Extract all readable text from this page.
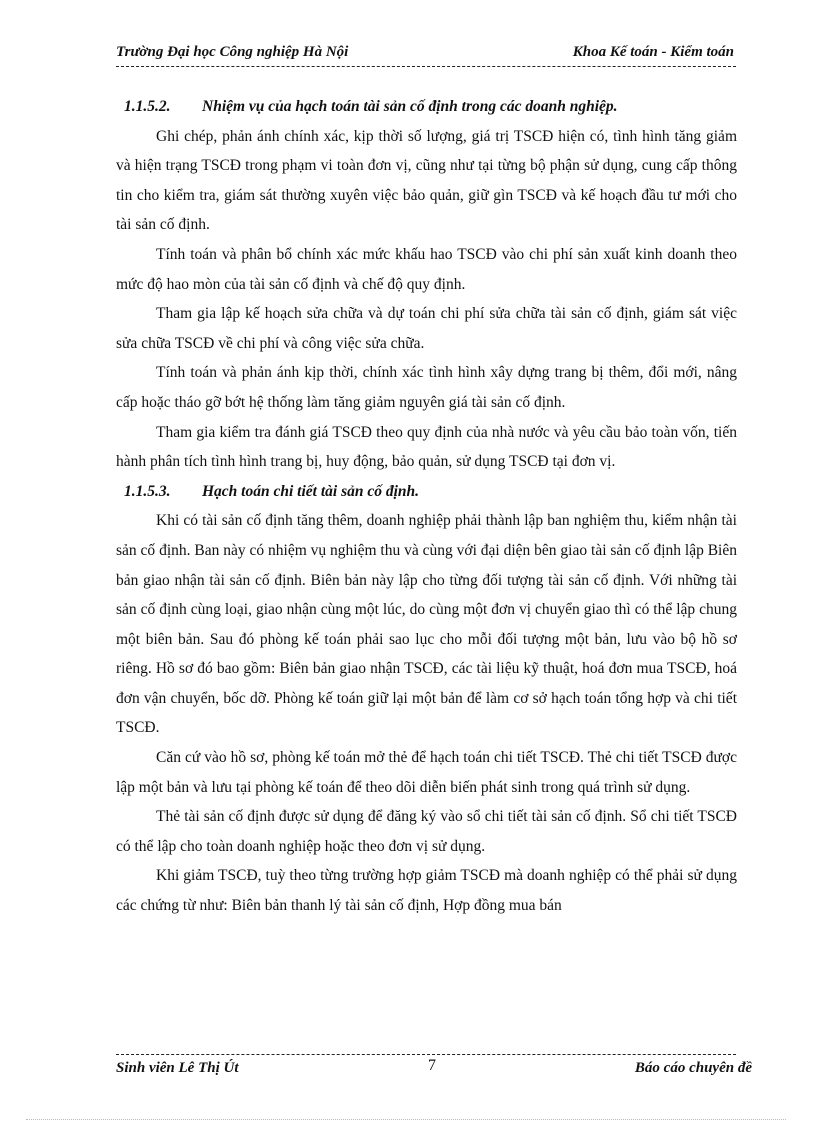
Trường Đại học Công nghiệp Hà Nội	Khoa Kế toán - Kiểm toán
1.1.5.2. Nhiệm vụ của hạch toán tài sản cố định trong các doanh nghiệp.

Ghi chép, phản ánh chính xác, kịp thời số lượng, giá trị TSCĐ hiện có, tình hình tăng giảm và hiện trạng TSCĐ trong phạm vi toàn đơn vị, cũng như tại từng bộ phận sử dụng, cung cấp thông tin cho kiểm tra, giám sát thường xuyên việc bảo quản, giữ gìn TSCĐ và kế hoạch đầu tư mới cho tài sản cố định.

Tính toán và phân bổ chính xác mức khấu hao TSCĐ vào chi phí sản xuất kinh doanh theo mức độ hao mòn của tài sản cố định và chế độ quy định.

Tham gia lập kế hoạch sửa chữa và dự toán chi phí sửa chữa tài sản cố định, giám sát việc sửa chữa TSCĐ về chi phí và công việc sửa chữa.

Tính toán và phản ánh kịp thời, chính xác tình hình xây dựng trang bị thêm, đổi mới, nâng cấp hoặc tháo gỡ bớt hệ thống làm tăng giảm nguyên giá tài sản cố định.

Tham gia kiểm tra đánh giá TSCĐ theo quy định của nhà nước và yêu cầu bảo toàn vốn, tiến hành phân tích tình hình trang bị, huy động, bảo quản, sử dụng TSCĐ tại đơn vị.

1.1.5.3. Hạch toán chi tiết tài sản cố định.

Khi có tài sản cố định tăng thêm, doanh nghiệp phải thành lập ban nghiệm thu, kiểm nhận tài sản cố định. Ban này có nhiệm vụ nghiệm thu và cùng với đại diện bên giao tài sản cố định lập Biên bản giao nhận tài sản cố định. Biên bản này lập cho từng đối tượng tài sản cố định. Với những tài sản cố định cùng loại, giao nhận cùng một lúc, do cùng một đơn vị chuyển giao thì có thể lập chung một biên bản. Sau đó phòng kế toán phải sao lục cho mỗi đối tượng một bản, lưu vào bộ hồ sơ riêng. Hồ sơ đó bao gồm: Biên bản giao nhận TSCĐ, các tài liệu kỹ thuật, hoá đơn mua TSCĐ, hoá đơn vận chuyển, bốc dỡ. Phòng kế toán giữ lại một bản để làm cơ sở hạch toán tổng hợp và chi tiết TSCĐ.

Căn cứ vào hồ sơ, phòng kế toán mở thẻ để hạch toán chi tiết TSCĐ. Thẻ chi tiết TSCĐ được lập một bản và lưu tại phòng kế toán để theo dõi diễn biến phát sinh trong quá trình sử dụng.

Thẻ tài sản cố định được sử dụng để đăng ký vào sổ chi tiết tài sản cố định. Sổ chi tiết TSCĐ có thể lập cho toàn doanh nghiệp hoặc theo đơn vị sử dụng.

Khi giảm TSCĐ, tuỳ theo từng trường hợp giảm TSCĐ mà doanh nghiệp có thể phải sử dụng các chứng từ như: Biên bản thanh lý tài sản cố định, Hợp đồng mua bán

Sinh viên Lê Thị Út	7	Báo cáo chuyên đề
